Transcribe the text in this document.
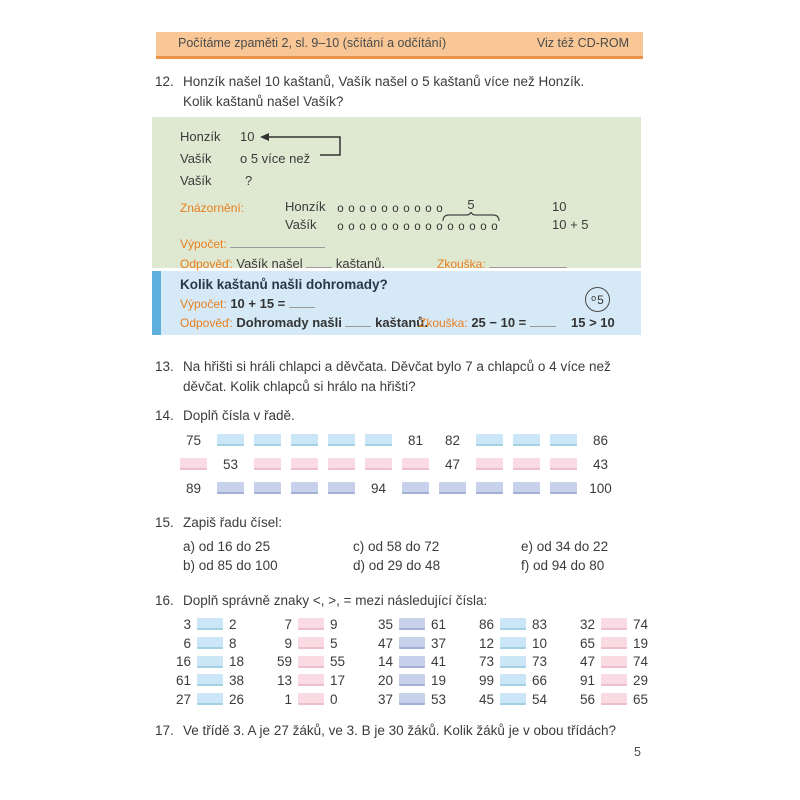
Počítáme zpaměti 2, sl. 9–10 (sčítání a odčítání)	Viz též CD-ROM
12. Honzík našel 10 kaštanů, Vašík našel o 5 kaštanů více než Honzík.
Kolik kaštanů našel Vašík?
Honzík 10
Vašík o 5 více než
Vašík	?
Znázornění:	Honzík o o o o o o o o o o	5	10
Vašík o o o o o o o o o o o o o o o	10 + 5
Výpočet:
Odpověď: Vašík našel	kaštanů.	Zkouška:
Kolik kaštanů našli dohromady?
Výpočet: 10 + 15 =	o 5
Odpověď: Dohromady našli	kaštanů.
Zkouška: 25 − 10 =	15 > 10
13. Na hřišti si hráli chlapci a děvčata. Děvčat bylo 7 a chlapců o 4 více než
děvčat. Kolik chlapců si hrálo na hřišti?
14. Doplň čísla v řadě.
75	81 82	86
53	47	43
89	94	100
15. Zapiš řadu čísel:
a) od 16 do 25	c) od 58 do 72	e) od 34 do 22
b) od 85 do 100	d) od 29 do 48	f) od 94 do 80
16. Doplň správně znaky <, >, = mezi následující čísla:
3	2	7	9	35	61	86	83	32	74
6	8	9	5	47	37	12	10	65	19
16	18	59	55	14	41	73	73	47	74
61	38	13	17	20	19	99	66	91	29
27	26	1	0	37	53	45	54	56	65
17. Ve třídě 3. A je 27 žáků, ve 3. B je 30 žáků. Kolik žáků je v obou třídách?
5
